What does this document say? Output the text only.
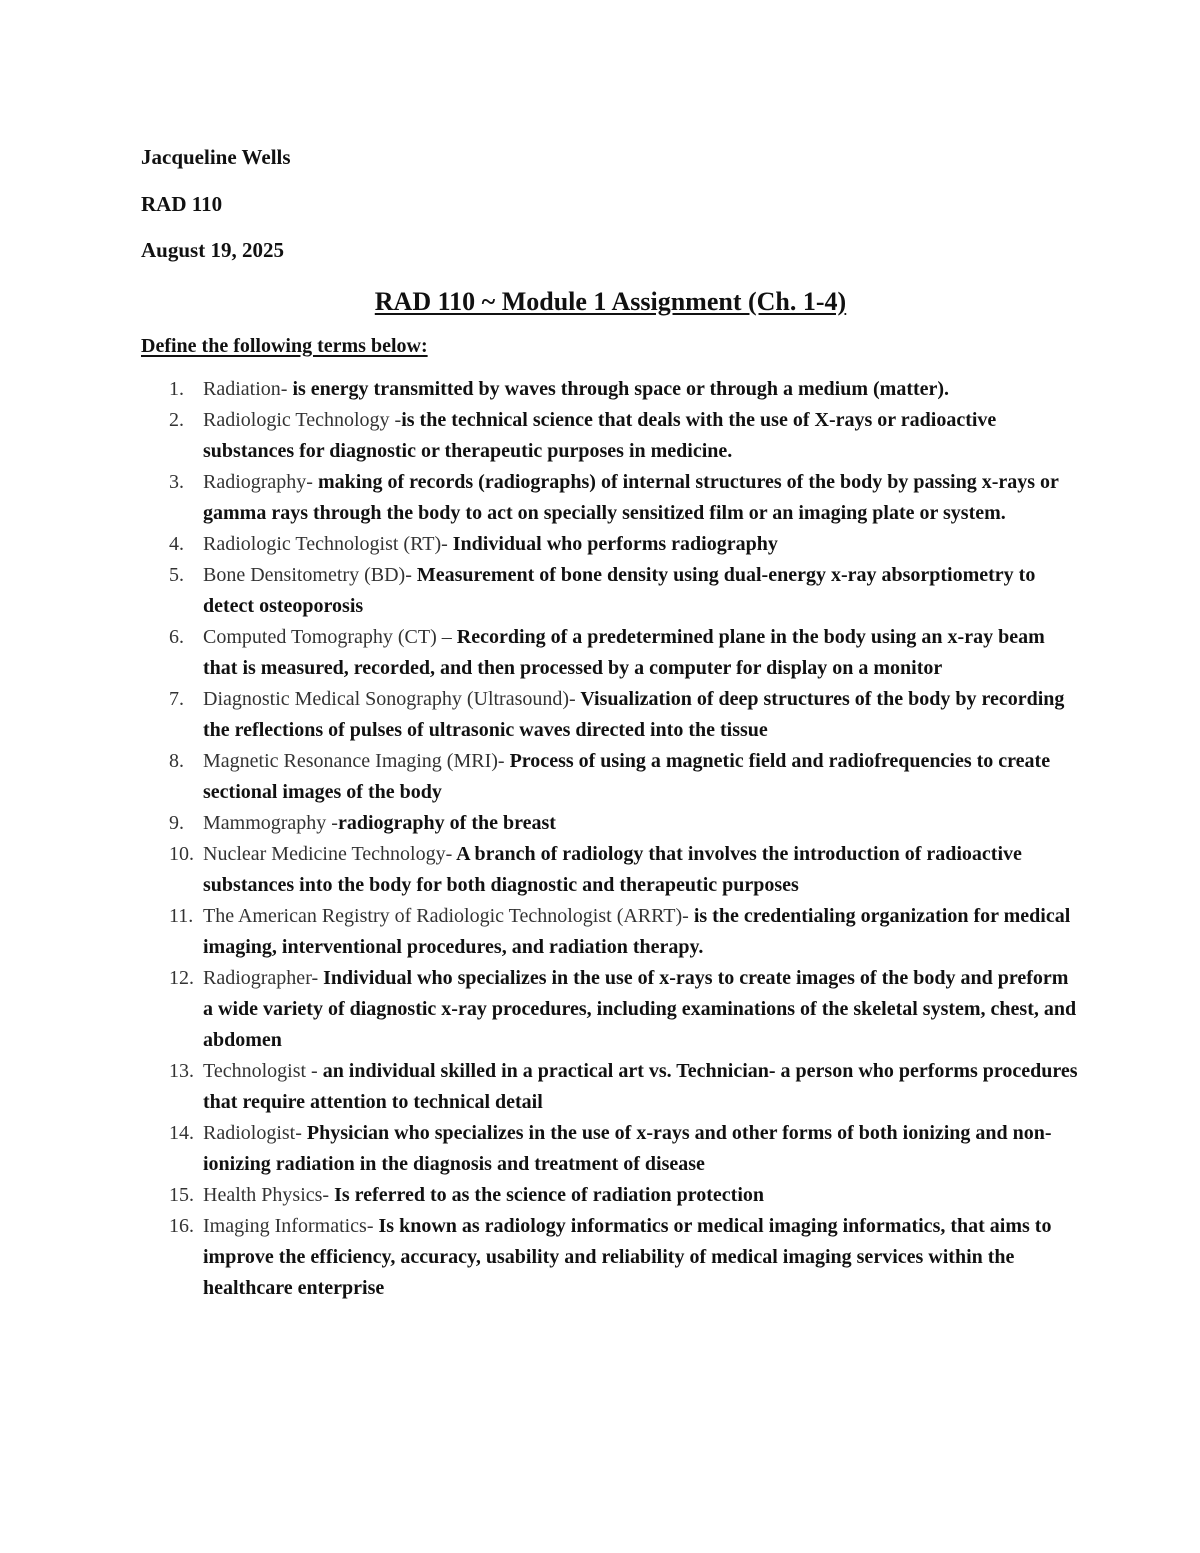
Jacqueline Wells
RAD 110
August 19, 2025
RAD 110 ~ Module 1 Assignment (Ch. 1-4)
Define the following terms below:
1. Radiation- is energy transmitted by waves through space or through a medium (matter).
2. Radiologic Technology -is the technical science that deals with the use of X-rays or radioactive substances for diagnostic or therapeutic purposes in medicine.
3. Radiography- making of records (radiographs) of internal structures of the body by passing x-rays or gamma rays through the body to act on specially sensitized film or an imaging plate or system.
4. Radiologic Technologist (RT)- Individual who performs radiography
5. Bone Densitometry (BD)- Measurement of bone density using dual-energy x-ray absorptiometry to detect osteoporosis
6. Computed Tomography (CT) – Recording of a predetermined plane in the body using an x-ray beam that is measured, recorded, and then processed by a computer for display on a monitor
7. Diagnostic Medical Sonography (Ultrasound)- Visualization of deep structures of the body by recording the reflections of pulses of ultrasonic waves directed into the tissue
8. Magnetic Resonance Imaging (MRI)- Process of using a magnetic field and radiofrequencies to create sectional images of the body
9. Mammography -radiography of the breast
10. Nuclear Medicine Technology- A branch of radiology that involves the introduction of radioactive substances into the body for both diagnostic and therapeutic purposes
11. The American Registry of Radiologic Technologist (ARRT)- is the credentialing organization for medical imaging, interventional procedures, and radiation therapy.
12. Radiographer- Individual who specializes in the use of x-rays to create images of the body and preform a wide variety of diagnostic x-ray procedures, including examinations of the skeletal system, chest, and abdomen
13. Technologist - an individual skilled in a practical art vs. Technician- a person who performs procedures that require attention to technical detail
14. Radiologist- Physician who specializes in the use of x-rays and other forms of both ionizing and non-ionizing radiation in the diagnosis and treatment of disease
15. Health Physics- Is referred to as the science of radiation protection
16. Imaging Informatics- Is known as radiology informatics or medical imaging informatics, that aims to improve the efficiency, accuracy, usability and reliability of medical imaging services within the healthcare enterprise
